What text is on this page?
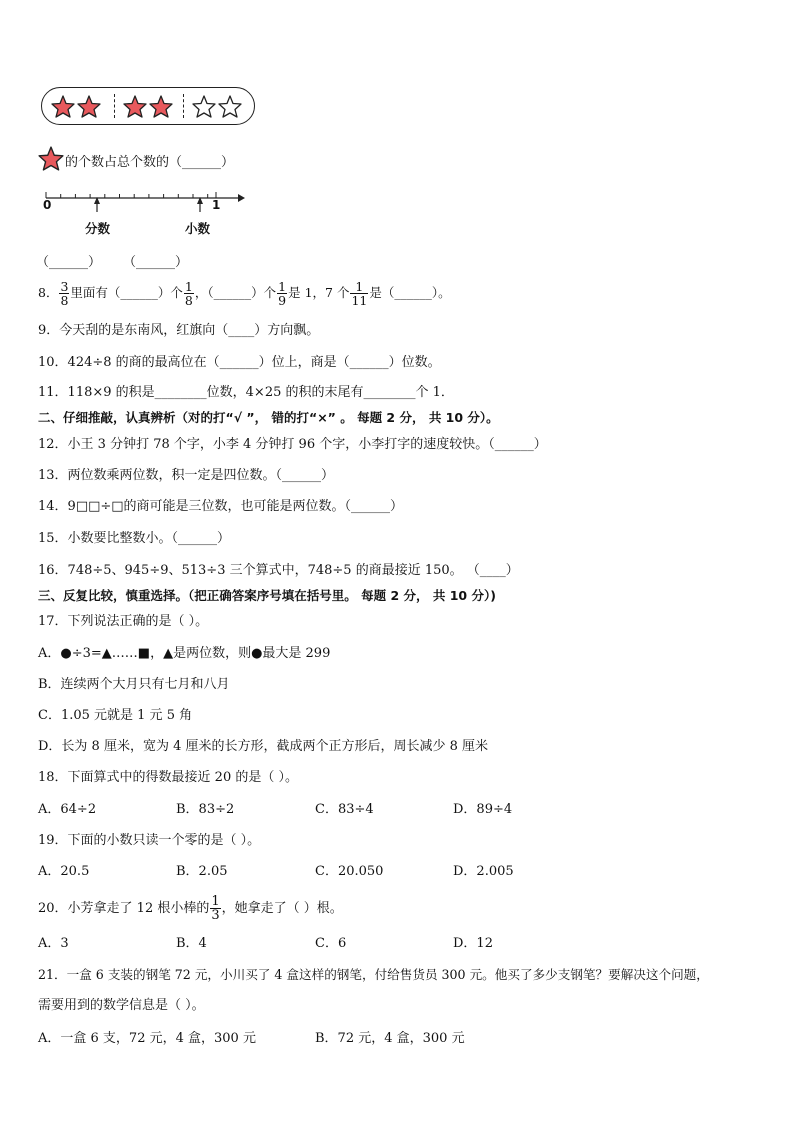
的个数占总个数的（______）
0	1
分数	小数
（______） （______）
8． $\frac{3}{8}$ 里面有（______）个 $\frac{1}{8}$ ，（______）个 $\frac{1}{9}$ 是 1，7 个 $\frac{1}{11}$ 是（______）。
9．今天刮的是东南风，红旗向（____）方向飘。
10．424÷8 的商的最高位在（______）位上，商是（______）位数。
11．118×9 的积是________位数，4×25 的积的末尾有________个 1．
二、仔细推敲，认真辨析（对的打“√ ”， 错的打“×” 。 每题 2 分， 共 10 分）。
12．小王 3 分钟打 78 个字，小李 4 分钟打 96 个字，小李打字的速度较快。（______）
13．两位数乘两位数，积一定是四位数。（______）
14．9□□÷□的商可能是三位数，也可能是两位数。（______）
15．小数要比整数小。（______）
16．748÷5、945÷9、513÷3 三个算式中，748÷5 的商最接近 150。 （____）
三、反复比较，慎重选择。（把正确答案序号填在括号里。 每题 2 分， 共 10 分）)
17．下列说法正确的是（ ）。
A．●÷3=▲……■，▲是两位数，则●最大是 299
B．连续两个大月只有七月和八月
C．1.05 元就是 1 元 5 角
D．长为 8 厘米，宽为 4 厘米的长方形，截成两个正方形后，周长减少 8 厘米
18．下面算式中的得数最接近 20 的是（ ）。
A．64÷2	B．83÷2	C．83÷4	D．89÷4
19．下面的小数只读一个零的是（ ）。
A．20.5	B．2.05	C．20.050	D．2.005
20．小芳拿走了 12 根小棒的 $\frac{1}{3}$ ，她拿走了（ ）根。
A．3	B．4	C．6	D．12
21．一盒 6 支装的钢笔 72 元，小川买了 4 盒这样的钢笔，付给售货员 300 元。他买了多少支钢笔？要解决这个问题，
需要用到的数学信息是（ ）。
A．一盒 6 支，72 元，4 盒，300 元	B．72 元，4 盒，300 元
